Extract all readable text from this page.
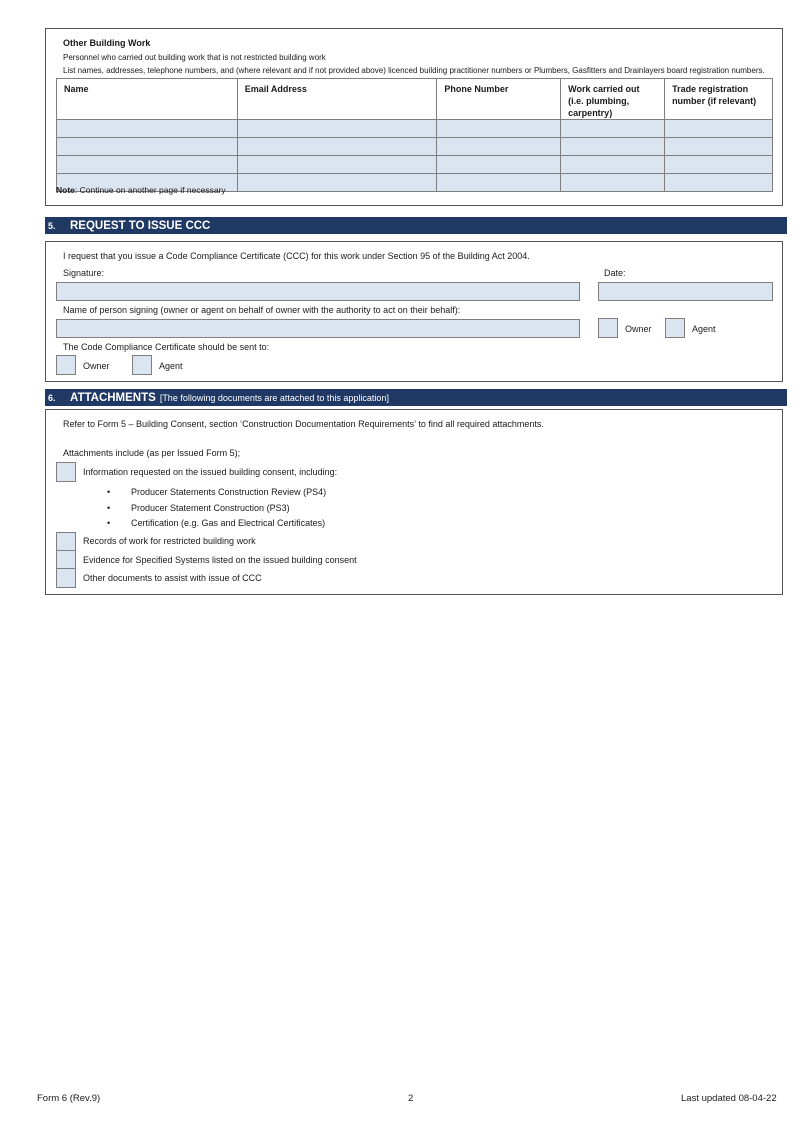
Other Building Work
Personnel who carried out building work that is not restricted building work
List names, addresses, telephone numbers, and (where relevant and if not provided above) licenced building practitioner numbers or Plumbers, Gasfitters and Drainlayers board registration numbers.
Name	Email Address	Phone Number	Work carried out (i.e. plumbing, carpentry)	Trade registration number (if relevant)

Note: Continue on another page if necessary
5.	REQUEST TO ISSUE CCC
I request that you issue a Code Compliance Certificate (CCC) for this work under Section 95 of the Building Act 2004.
Signature:	Date:
Name of person signing (owner or agent on behalf of owner with the authority to act on their behalf):
Owner	Agent
The Code Compliance Certificate should be sent to:
Owner	Agent
6.	ATTACHMENTS [The following documents are attached to this application]
Refer to Form 5 – Building Consent, section ‘Construction Documentation Requirements’ to find all required attachments.
Attachments include (as per Issued Form 5);
Information requested on the issued building consent, including:
• Producer Statements Construction Review (PS4)
• Producer Statement Construction (PS3)
• Certification (e.g. Gas and Electrical Certificates)
Records of work for restricted building work
Evidence for Specified Systems listed on the issued building consent
Other documents to assist with issue of CCC
Form 6 (Rev.9)	2	Last updated 08-04-22
